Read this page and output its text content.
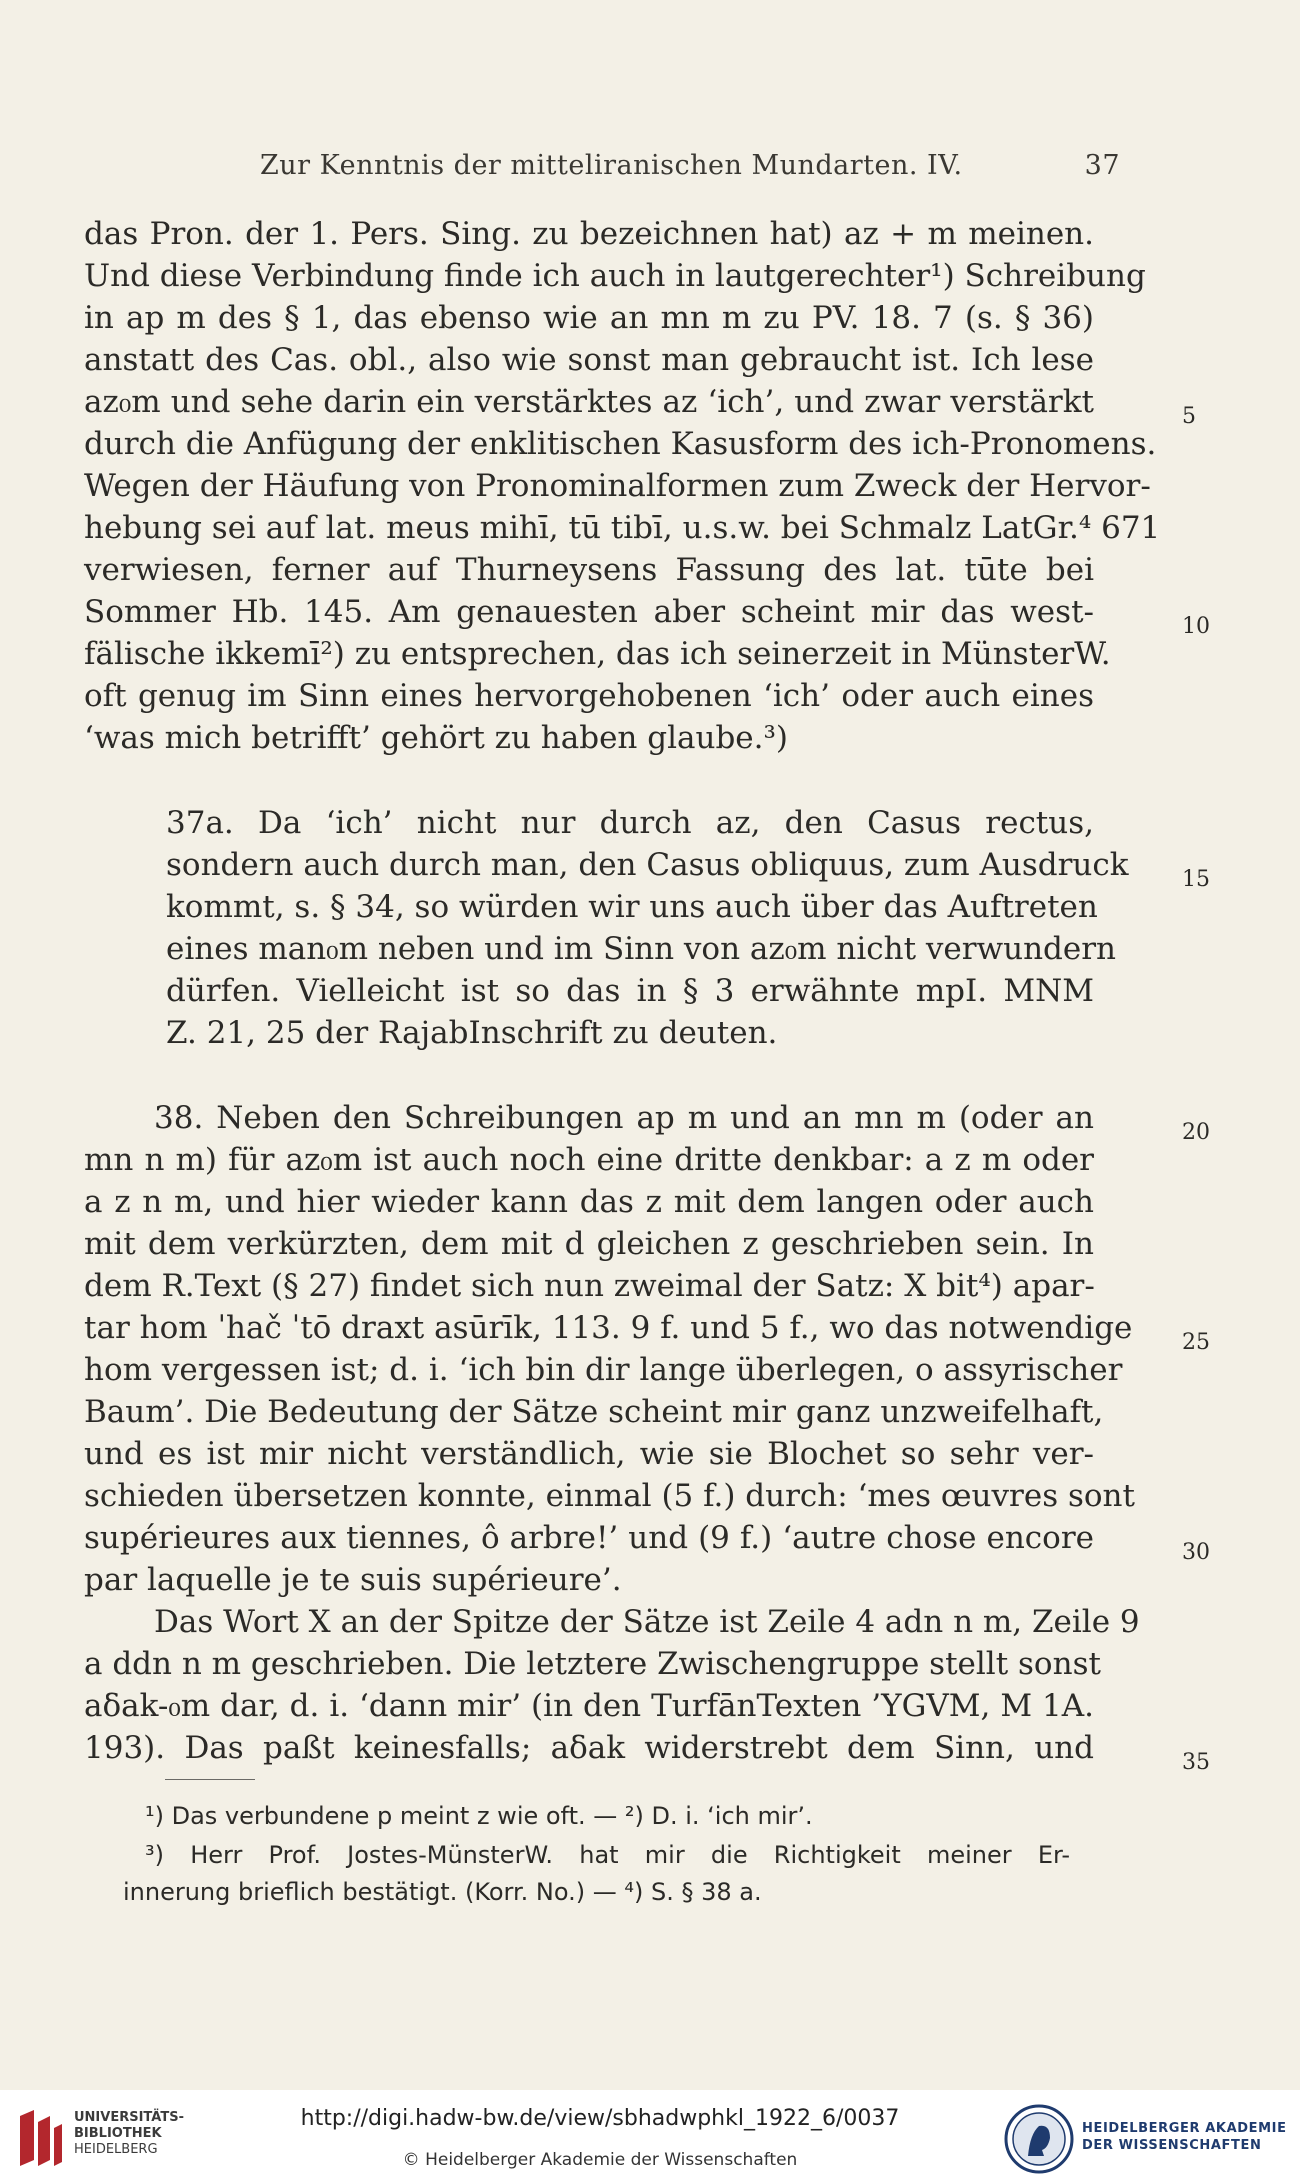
Zur Kenntnis der mitteliranischen Mundarten. IV.	37
das Pron. der 1. Pers. Sing. zu bezeichnen hat) az + m meinen.
Und diese Verbindung finde ich auch in lautgerechter¹) Schreibung
in ap m des § 1, das ebenso wie an mn m zu PV. 18. 7 (s. § 36)
anstatt des Cas. obl., also wie sonst man gebraucht ist. Ich lese
az₀m und sehe darin ein verstärktes az ‘ich’, und zwar verstärkt
durch die Anfügung der enklitischen Kasusform des ich-Pronomens.
Wegen der Häufung von Pronominalformen zum Zweck der Hervor-
hebung sei auf lat. meus mihī, tū tibī, u.s.w. bei Schmalz LatGr.⁴ 671
verwiesen, ferner auf Thurneysens Fassung des lat. tūte bei
Sommer Hb. 145. Am genauesten aber scheint mir das west-
fälische ikkemī²) zu entsprechen, das ich seinerzeit in MünsterW.
oft genug im Sinn eines hervorgehobenen ‘ich’ oder auch eines
‘was mich betrifft’ gehört zu haben glaube.³)
37a. Da ‘ich’ nicht nur durch az, den Casus rectus,
sondern auch durch man, den Casus obliquus, zum Ausdruck
kommt, s. § 34, so würden wir uns auch über das Auftreten
eines man₀m neben und im Sinn von az₀m nicht verwundern
dürfen. Vielleicht ist so das in § 3 erwähnte mpI. MNM
Z. 21, 25 der RajabInschrift zu deuten.
38. Neben den Schreibungen ap m und an mn m (oder an
mn n m) für az₀m ist auch noch eine dritte denkbar: a z m oder
a z n m, und hier wieder kann das z mit dem langen oder auch
mit dem verkürzten, dem mit d gleichen z geschrieben sein. In
dem R.Text (§ 27) findet sich nun zweimal der Satz: X bit⁴) apar-
tar hom ˈhač ˈtō draxt asūrīk, 113. 9 f. und 5 f., wo das notwendige
hom vergessen ist; d. i. ‘ich bin dir lange überlegen, o assyrischer
Baum’. Die Bedeutung der Sätze scheint mir ganz unzweifelhaft,
und es ist mir nicht verständlich, wie sie Blochet so sehr ver-
schieden übersetzen konnte, einmal (5 f.) durch: ‘mes œuvres sont
supérieures aux tiennes, ô arbre!’ und (9 f.) ‘autre chose encore
par laquelle je te suis supérieure’.
Das Wort X an der Spitze der Sätze ist Zeile 4 adn n m, Zeile 9
a ddn n m geschrieben. Die letztere Zwischengruppe stellt sonst
aδak-₀m dar, d. i. ‘dann mir’ (in den TurfānTexten ’YGVM, M 1A.
193). Das paßt keinesfalls; aδak widerstrebt dem Sinn, und
5
10
15
20
25
30
35
¹) Das verbundene p meint z wie oft. — ²) D. i. ‘ich mir’.
³) Herr Prof. Jostes-MünsterW. hat mir die Richtigkeit meiner Er-
innerung brieflich bestätigt. (Korr. No.) — ⁴) S. § 38 a.
UNIVERSITÄTS-
BIBLIOTHEK
HEIDELBERG
http://digi.hadw-bw.de/view/sbhadwphkl_1922_6/0037
© Heidelberger Akademie der Wissenschaften
HEIDELBERGER AKADEMIE
DER WISSENSCHAFTEN
